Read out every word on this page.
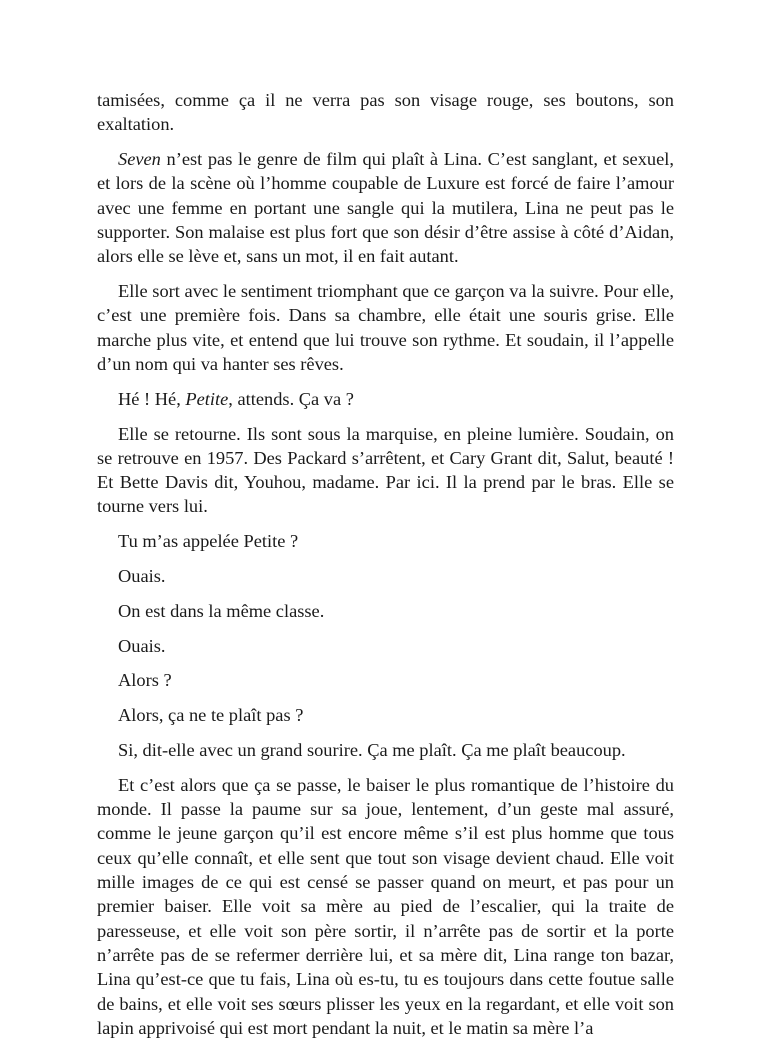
tamisées, comme ça il ne verra pas son visage rouge, ses boutons, son exaltation.

Seven n’est pas le genre de film qui plaît à Lina. C’est sanglant, et sexuel, et lors de la scène où l’homme coupable de Luxure est forcé de faire l’amour avec une femme en portant une sangle qui la mutilera, Lina ne peut pas le supporter. Son malaise est plus fort que son désir d’être assise à côté d’Aidan, alors elle se lève et, sans un mot, il en fait autant.

Elle sort avec le sentiment triomphant que ce garçon va la suivre. Pour elle, c’est une première fois. Dans sa chambre, elle était une souris grise. Elle marche plus vite, et entend que lui trouve son rythme. Et soudain, il l’appelle d’un nom qui va hanter ses rêves.

Hé ! Hé, Petite, attends. Ça va ?

Elle se retourne. Ils sont sous la marquise, en pleine lumière. Soudain, on se retrouve en 1957. Des Packard s’arrêtent, et Cary Grant dit, Salut, beauté ! Et Bette Davis dit, Youhou, madame. Par ici. Il la prend par le bras. Elle se tourne vers lui.

Tu m’as appelée Petite ?

Ouais.

On est dans la même classe.

Ouais.

Alors ?

Alors, ça ne te plaît pas ?

Si, dit-elle avec un grand sourire. Ça me plaît. Ça me plaît beaucoup.

Et c’est alors que ça se passe, le baiser le plus romantique de l’histoire du monde. Il passe la paume sur sa joue, lentement, d’un geste mal assuré, comme le jeune garçon qu’il est encore même s’il est plus homme que tous ceux qu’elle connaît, et elle sent que tout son visage devient chaud. Elle voit mille images de ce qui est censé se passer quand on meurt, et pas pour un premier baiser. Elle voit sa mère au pied de l’escalier, qui la traite de paresseuse, et elle voit son père sortir, il n’arrête pas de sortir et la porte n’arrête pas de se refermer derrière lui, et sa mère dit, Lina range ton bazar, Lina qu’est-ce que tu fais, Lina où es-tu, tu es toujours dans cette foutue salle de bains, et elle voit ses sœurs plisser les yeux en la regardant, et elle voit son lapin apprivoisé qui est mort pendant la nuit, et le matin sa mère l’a
